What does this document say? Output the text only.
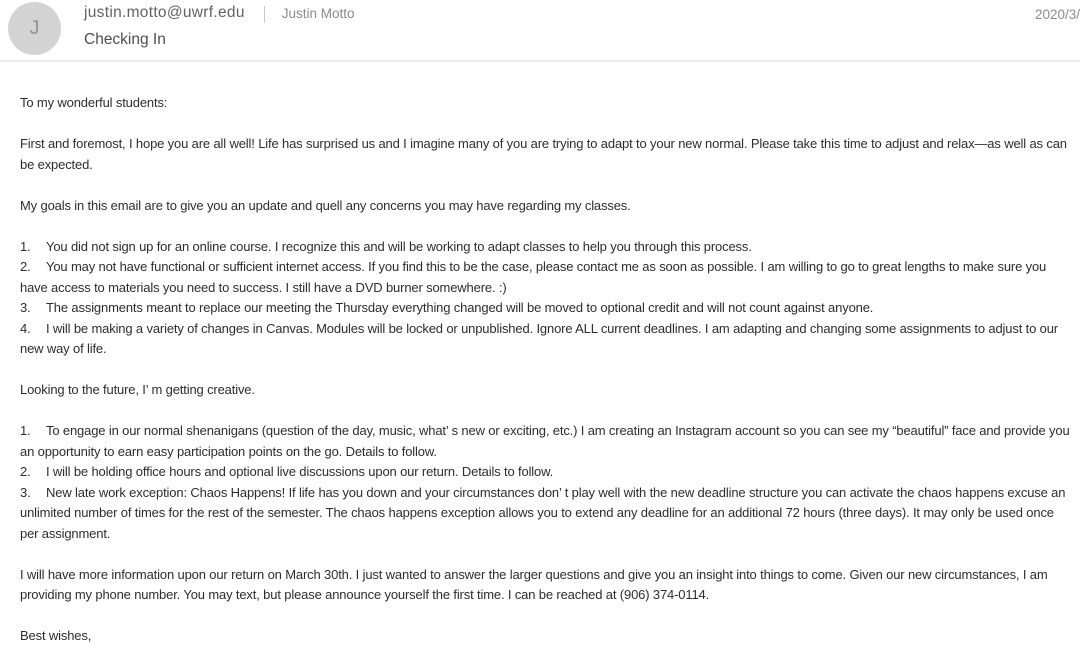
J
justin.motto@uwrf.edu	Justin Motto
Checking In
2020/3/

To my wonderful students:

First and foremost, I hope you are all well! Life has surprised us and I imagine many of you are trying to adapt to your new normal. Please take this time to adjust and relax—as well as can be expected.

My goals in this email are to give you an update and quell any concerns you may have regarding my classes.

1. You did not sign up for an online course. I recognize this and will be working to adapt classes to help you through this process.
2. You may not have functional or sufficient internet access. If you find this to be the case, please contact me as soon as possible. I am willing to go to great lengths to make sure you have access to materials you need to success. I still have a DVD burner somewhere. :)
3. The assignments meant to replace our meeting the Thursday everything changed will be moved to optional credit and will not count against anyone.
4. I will be making a variety of changes in Canvas. Modules will be locked or unpublished. Ignore ALL current deadlines. I am adapting and changing some assignments to adjust to our new way of life.

Looking to the future, I’ m getting creative.

1. To engage in our normal shenanigans (question of the day, music, what’ s new or exciting, etc.) I am creating an Instagram account so you can see my “beautiful” face and provide you an opportunity to earn easy participation points on the go. Details to follow.
2. I will be holding office hours and optional live discussions upon our return. Details to follow.
3. New late work exception: Chaos Happens! If life has you down and your circumstances don’ t play well with the new deadline structure you can activate the chaos happens excuse an unlimited number of times for the rest of the semester. The chaos happens exception allows you to extend any deadline for an additional 72 hours (three days). It may only be used once per assignment.

I will have more information upon our return on March 30th. I just wanted to answer the larger questions and give you an insight into things to come. Given our new circumstances, I am providing my phone number. You may text, but please announce yourself the first time. I can be reached at (906) 374-0114.

Best wishes,
